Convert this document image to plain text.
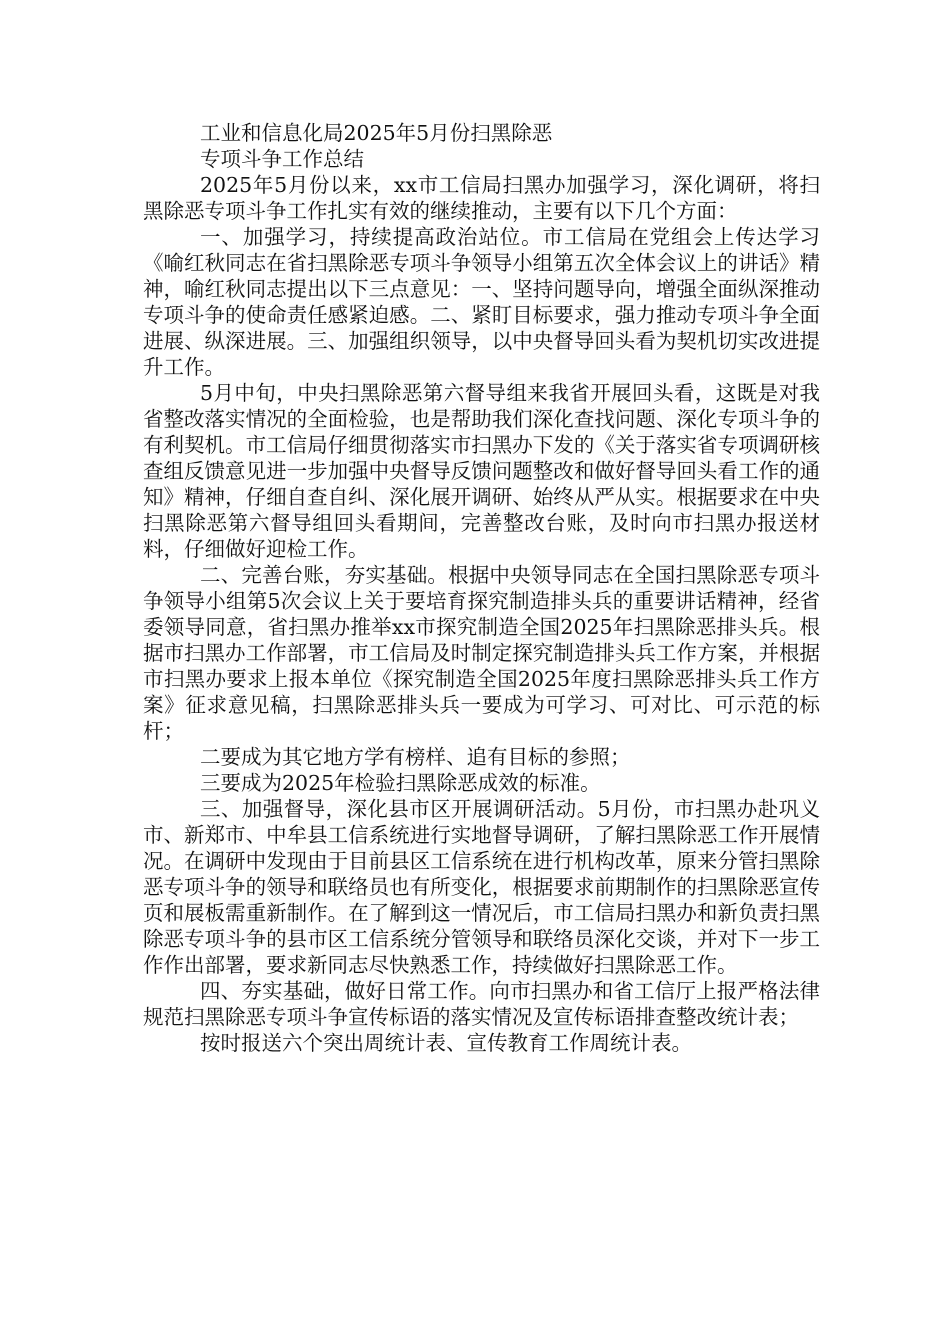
工业和信息化局2025年5月份扫黑除恶

专项斗争工作总结

2025年5月份以来，xx市工信局扫黑办加强学习，深化调研，将扫黑除恶专项斗争工作扎实有效的继续推动，主要有以下几个方面：

一、加强学习，持续提高政治站位。市工信局在党组会上传达学习《喻红秋同志在省扫黑除恶专项斗争领导小组第五次全体会议上的讲话》精神，喻红秋同志提出以下三点意见：一、坚持问题导向，增强全面纵深推动专项斗争的使命责任感紧迫感。二、紧盯目标要求，强力推动专项斗争全面进展、纵深进展。三、加强组织领导，以中央督导回头看为契机切实改进提升工作。

5月中旬，中央扫黑除恶第六督导组来我省开展回头看，这既是对我省整改落实情况的全面检验，也是帮助我们深化查找问题、深化专项斗争的有利契机。市工信局仔细贯彻落实市扫黑办下发的《关于落实省专项调研核查组反馈意见进一步加强中央督导反馈问题整改和做好督导回头看工作的通知》精神，仔细自查自纠、深化展开调研、始终从严从实。根据要求在中央扫黑除恶第六督导组回头看期间，完善整改台账，及时向市扫黑办报送材料，仔细做好迎检工作。

二、完善台账，夯实基础。根据中央领导同志在全国扫黑除恶专项斗争领导小组第5次会议上关于要培育探究制造排头兵的重要讲话精神，经省委领导同意，省扫黑办推举xx市探究制造全国2025年扫黑除恶排头兵。根据市扫黑办工作部署，市工信局及时制定探究制造排头兵工作方案，并根据市扫黑办要求上报本单位《探究制造全国2025年度扫黑除恶排头兵工作方案》征求意见稿，扫黑除恶排头兵一要成为可学习、可对比、可示范的标杆；

二要成为其它地方学有榜样、追有目标的参照；

三要成为2025年检验扫黑除恶成效的标准。

三、加强督导，深化县市区开展调研活动。5月份，市扫黑办赴巩义市、新郑市、中牟县工信系统进行实地督导调研，了解扫黑除恶工作开展情况。在调研中发现由于目前县区工信系统在进行机构改革，原来分管扫黑除恶专项斗争的领导和联络员也有所变化，根据要求前期制作的扫黑除恶宣传页和展板需重新制作。在了解到这一情况后，市工信局扫黑办和新负责扫黑除恶专项斗争的县市区工信系统分管领导和联络员深化交谈，并对下一步工作作出部署，要求新同志尽快熟悉工作，持续做好扫黑除恶工作。

四、夯实基础，做好日常工作。向市扫黑办和省工信厅上报严格法律规范扫黑除恶专项斗争宣传标语的落实情况及宣传标语排查整改统计表；

按时报送六个突出周统计表、宣传教育工作周统计表。
